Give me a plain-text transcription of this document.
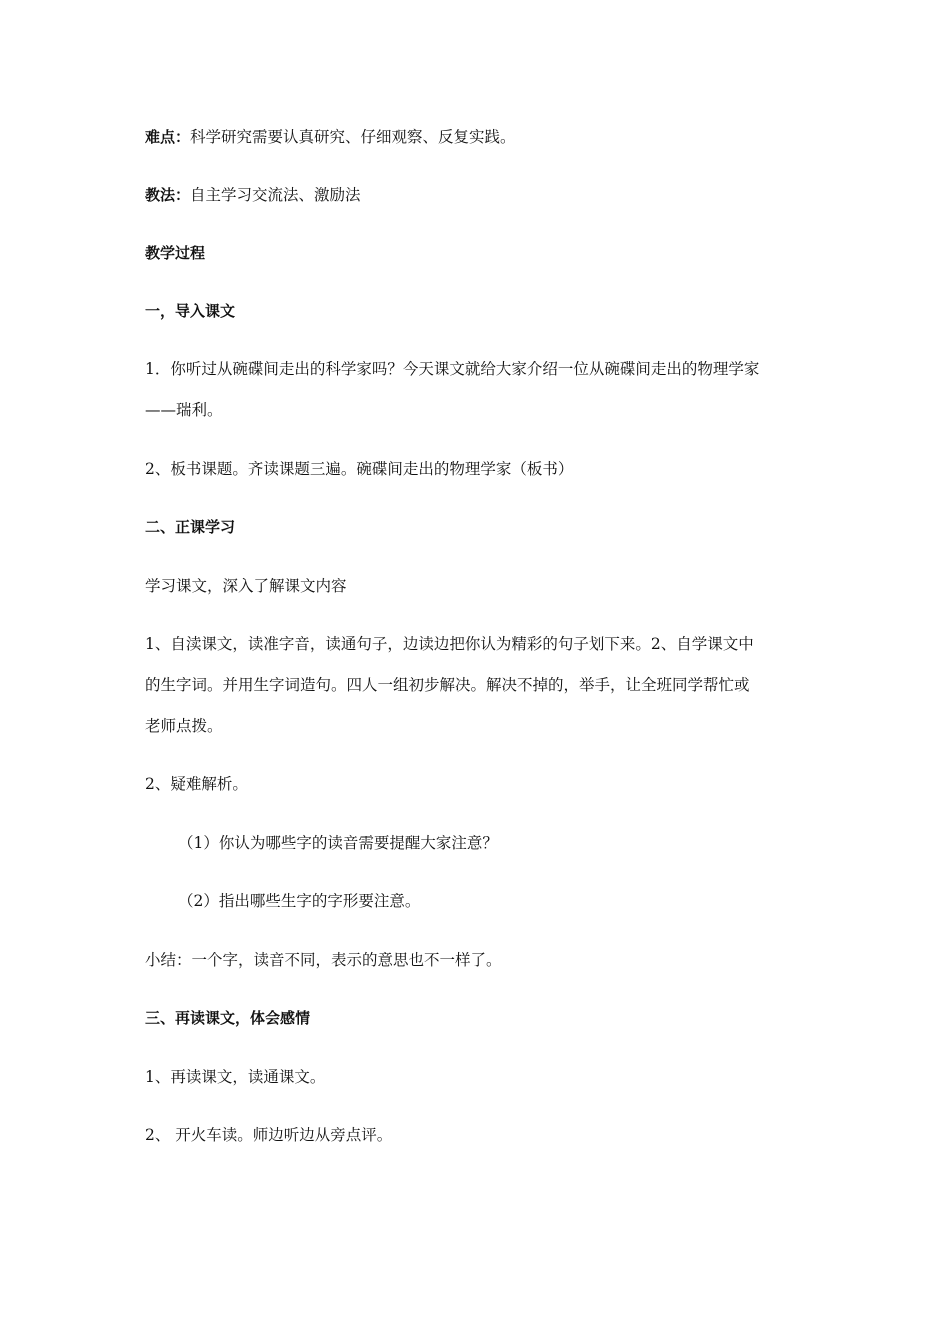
难点：科学研究需要认真研究、仔细观察、反复实践。
教法：自主学习交流法、激励法
教学过程
一，导入课文
1．你听过从碗碟间走出的科学家吗？今天课文就给大家介绍一位从碗碟间走出的物理学家
——瑞利。
2、板书课题。齐读课题三遍。碗碟间走出的物理学家（板书）
二、正课学习
学习课文，深入了解课文内容
1、自渎课文，读准字音，读通句子，边读边把你认为精彩的句子划下来。2、自学课文中
的生字词。并用生字词造句。四人一组初步解决。解决不掉的，举手，让全班同学帮忙或
老师点拨。
2、疑难解析。
（1）你认为哪些字的读音需要提醒大家注意？
（2）指出哪些生字的字形要注意。
小结：一个字，读音不同，表示的意思也不一样了。
三、再读课文，体会感情
1、再读课文，读通课文。
2、 开火车读。师边听边从旁点评。
